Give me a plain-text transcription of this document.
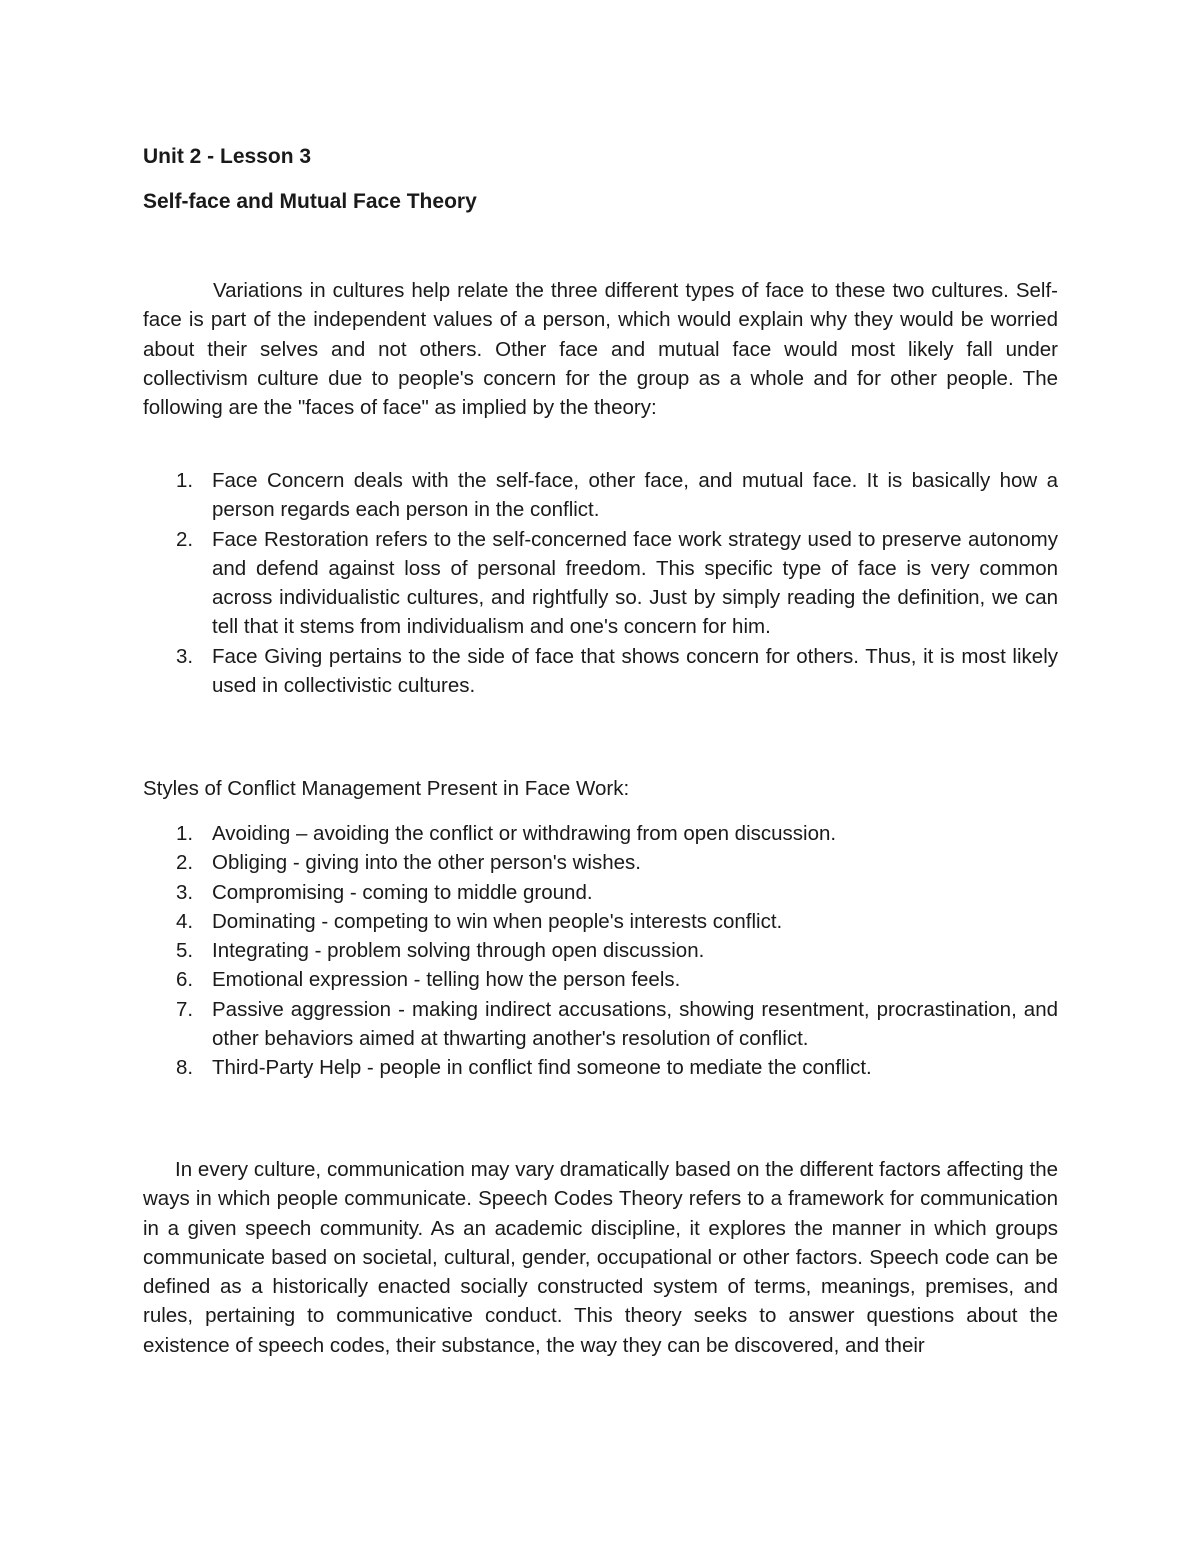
Unit 2 - Lesson 3
Self-face and Mutual Face Theory

Variations in cultures help relate the three different types of face to these two cultures. Self-face is part of the independent values of a person, which would explain why they would be worried about their selves and not others. Other face and mutual face would most likely fall under collectivism culture due to people's concern for the group as a whole and for other people. The following are the "faces of face" as implied by the theory:

1. Face Concern deals with the self-face, other face, and mutual face. It is basically how a person regards each person in the conflict.
2. Face Restoration refers to the self-concerned face work strategy used to preserve autonomy and defend against loss of personal freedom. This specific type of face is very common across individualistic cultures, and rightfully so. Just by simply reading the definition, we can tell that it stems from individualism and one's concern for him.
3. Face Giving pertains to the side of face that shows concern for others. Thus, it is most likely used in collectivistic cultures.
Styles of Conflict Management Present in Face Work:
1. Avoiding – avoiding the conflict or withdrawing from open discussion.
2. Obliging - giving into the other person's wishes.
3. Compromising - coming to middle ground.
4. Dominating - competing to win when people's interests conflict.
5. Integrating - problem solving through open discussion.
6. Emotional expression - telling how the person feels.
7. Passive aggression - making indirect accusations, showing resentment, procrastination, and other behaviors aimed at thwarting another's resolution of conflict.
8. Third-Party Help - people in conflict find someone to mediate the conflict.

In every culture, communication may vary dramatically based on the different factors affecting the ways in which people communicate. Speech Codes Theory refers to a framework for communication in a given speech community. As an academic discipline, it explores the manner in which groups communicate based on societal, cultural, gender, occupational or other factors. Speech code can be defined as a historically enacted socially constructed system of terms, meanings, premises, and rules, pertaining to communicative conduct. This theory seeks to answer questions about the existence of speech codes, their substance, the way they can be discovered, and their
